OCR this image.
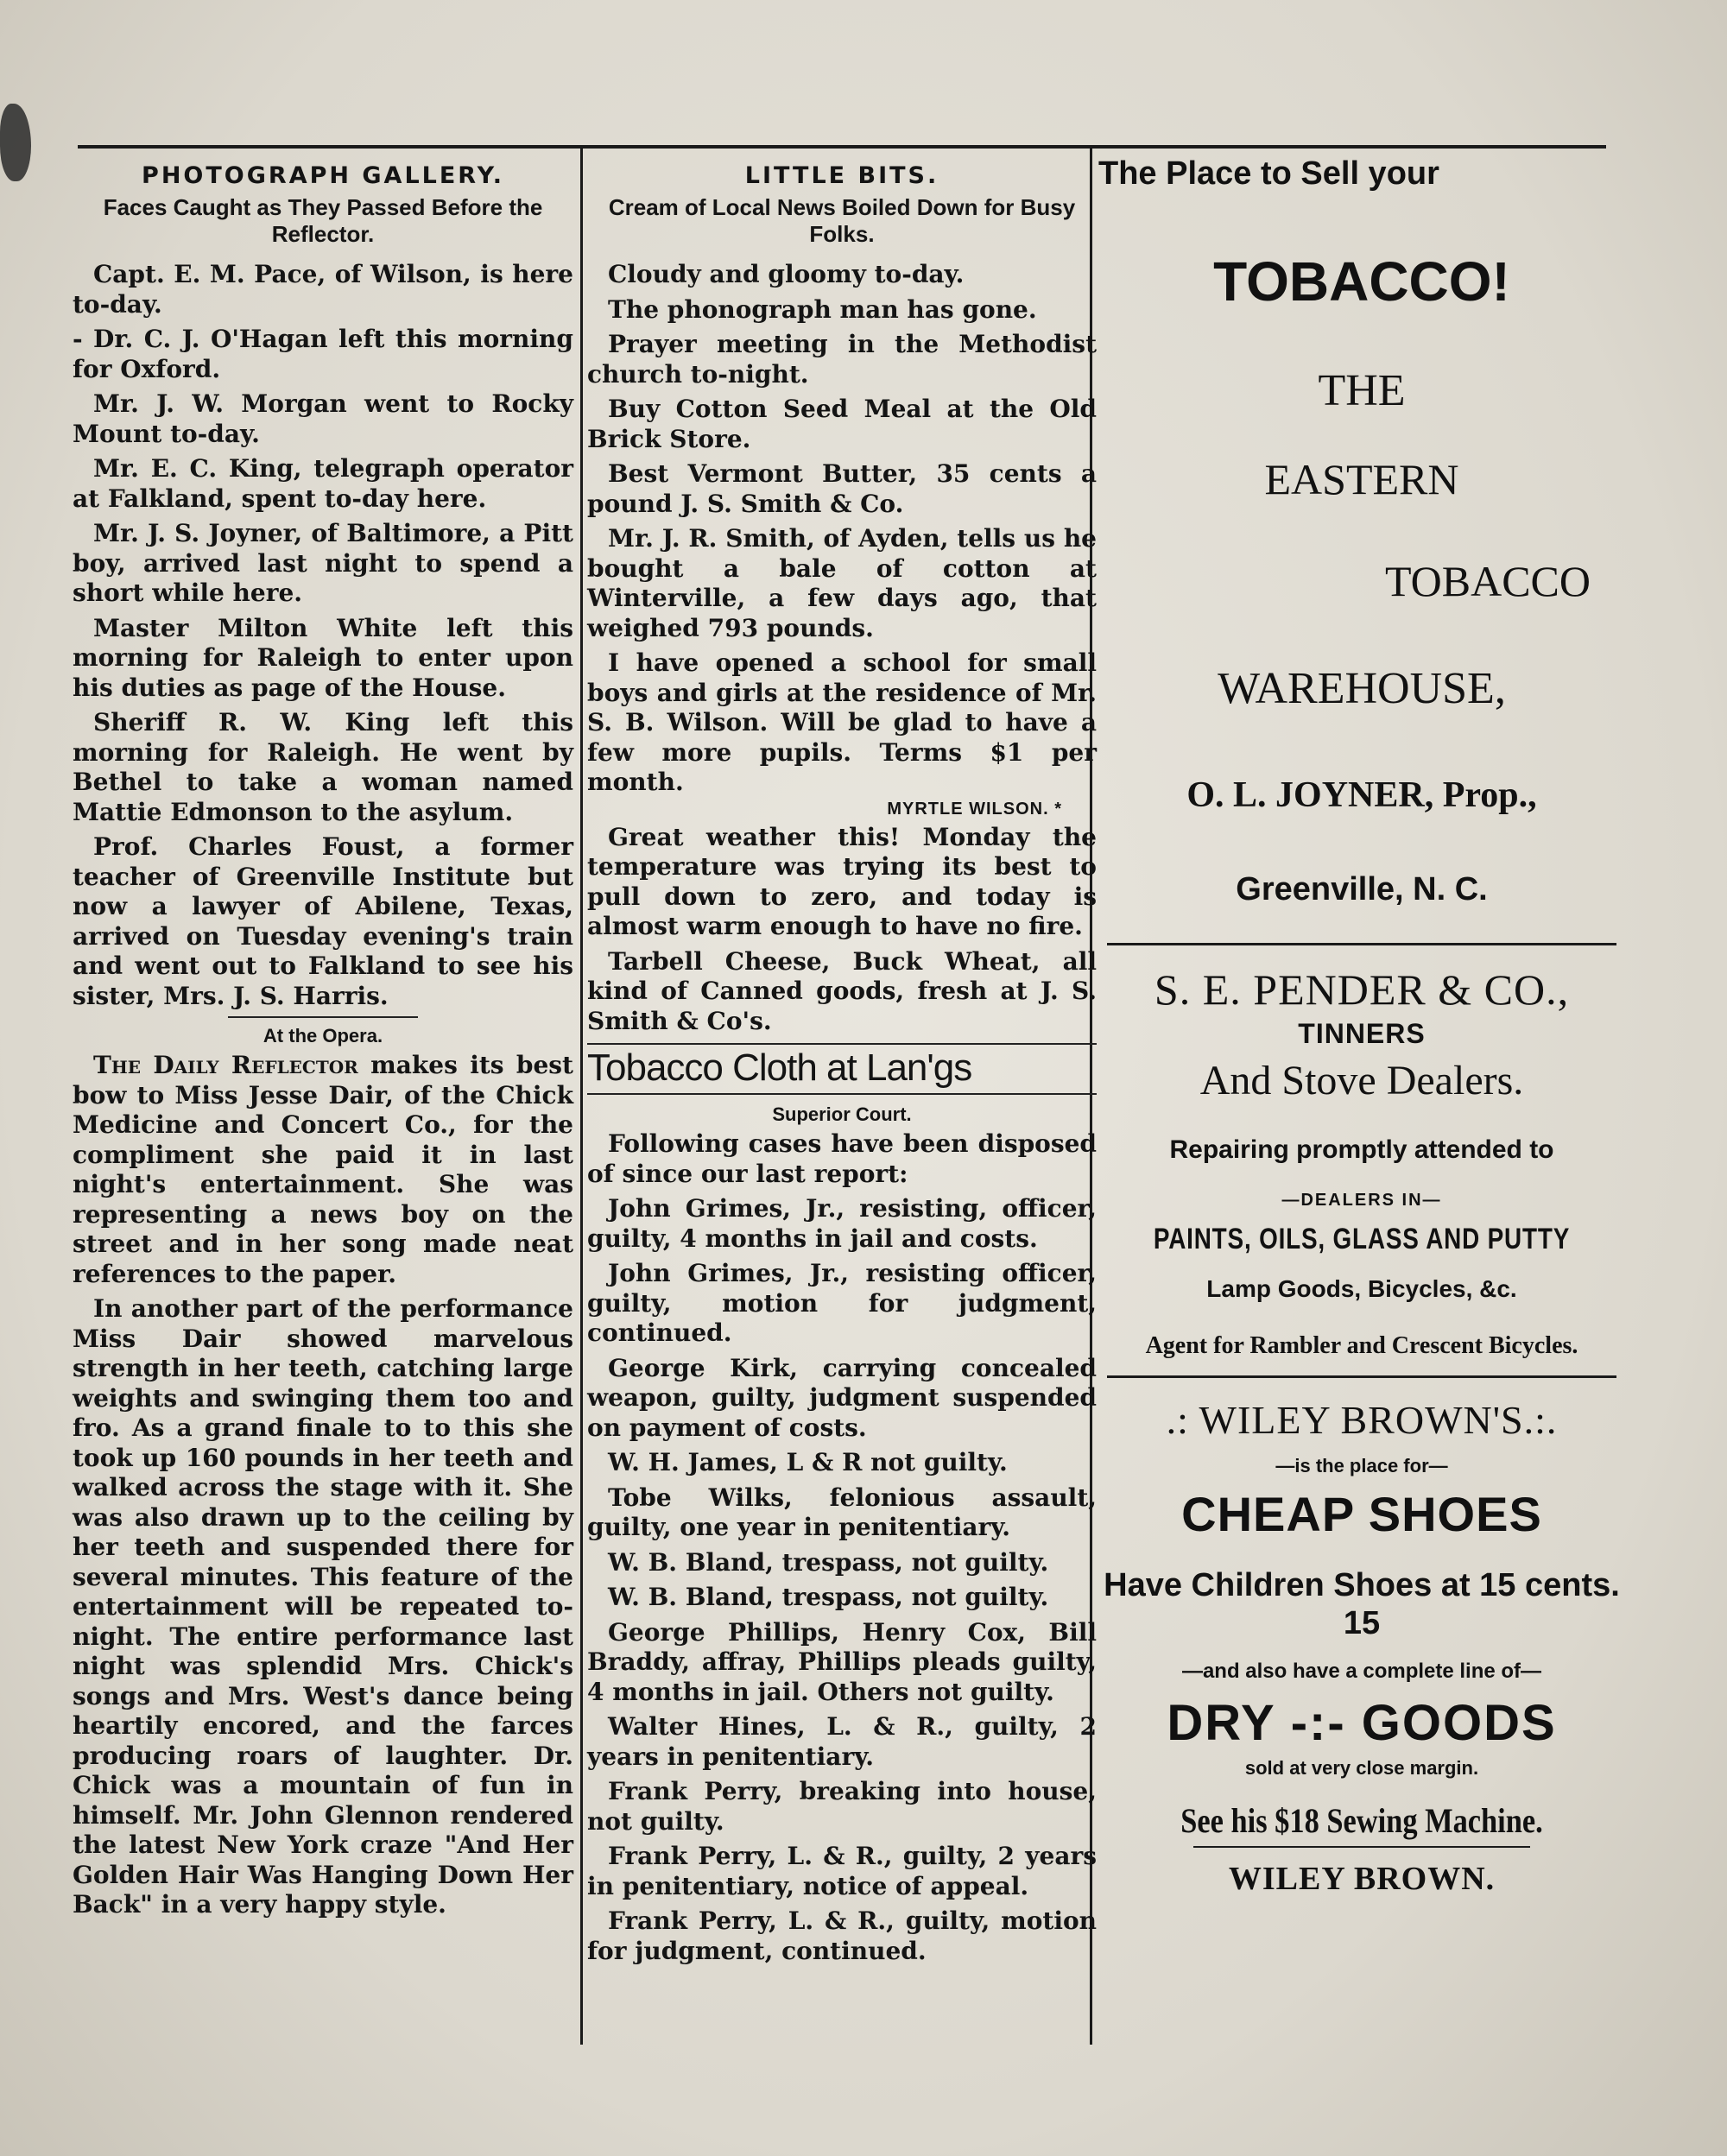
PHOTOGRAPH GALLERY.
Faces Caught as They Passed Before the Reflector.

Capt. E. M. Pace, of Wilson, is here to-day.

- Dr. C. J. O'Hagan left this morning for Oxford.

Mr. J. W. Morgan went to Rocky Mount to-day.

Mr. E. C. King, telegraph operator at Falkland, spent to-day here.

Mr. J. S. Joyner, of Baltimore, a Pitt boy, arrived last night to spend a short while here.

Master Milton White left this morning for Raleigh to enter upon his duties as page of the House.

Sheriff R. W. King left this morning for Raleigh. He went by Bethel to take a woman named Mattie Edmonson to the asylum.

Prof. Charles Foust, a former teacher of Greenville Institute but now a lawyer of Abilene, Texas, arrived on Tuesday evening's train and went out to Falkland to see his sister, Mrs. J. S. Harris.

At the Opera.

The Daily Reflector makes its best bow to Miss Jesse Dair, of the Chick Medicine and Concert Co., for the compliment she paid it in last night's entertainment. She was representing a news boy on the street and in her song made neat references to the paper.

In another part of the performance Miss Dair showed marvelous strength in her teeth, catching large weights and swinging them too and fro. As a grand finale to to this she took up 160 pounds in her teeth and walked across the stage with it. She was also drawn up to the ceiling by her teeth and suspended there for several minutes. This feature of the entertainment will be repeated to-night. The entire performance last night was splendid Mrs. Chick's songs and Mrs. West's dance being heartily encored, and the farces producing roars of laughter. Dr. Chick was a mountain of fun in himself. Mr. John Glennon rendered the latest New York craze "And Her Golden Hair Was Hanging Down Her Back" in a very happy style.

LITTLE BITS.
Cream of Local News Boiled Down for Busy Folks.

Cloudy and gloomy to-day.

The phonograph man has gone.

Prayer meeting in the Methodist church to-night.

Buy Cotton Seed Meal at the Old Brick Store.

Best Vermont Butter, 35 cents a pound J. S. Smith & Co.

Mr. J. R. Smith, of Ayden, tells us he bought a bale of cotton at Winterville, a few days ago, that weighed 793 pounds.

I have opened a school for small boys and girls at the residence of Mr. S. B. Wilson. Will be glad to have a few more pupils. Terms $1 per month.

MYRTLE WILSON. *

Great weather this! Monday the temperature was trying its best to pull down to zero, and today is almost warm enough to have no fire.

Tarbell Cheese, Buck Wheat, all kind of Canned goods, fresh at J. S. Smith & Co's.

Tobacco Cloth at Lan'gs
Superior Court.

Following cases have been disposed of since our last report:

John Grimes, Jr., resisting, officer, guilty, 4 months in jail and costs.

John Grimes, Jr., resisting officer, guilty, motion for judgment, continued.

George Kirk, carrying concealed weapon, guilty, judgment suspended on payment of costs.

W. H. James, L & R not guilty.

Tobe Wilks, felonious assault, guilty, one year in penitentiary.

W. B. Bland, trespass, not guilty.

W. B. Bland, trespass, not guilty.

George Phillips, Henry Cox, Bill Braddy, affray, Phillips pleads guilty, 4 months in jail. Others not guilty.

Walter Hines, L. & R., guilty, 2 years in penitentiary.

Frank Perry, breaking into house, not guilty.

Frank Perry, L. & R., guilty, 2 years in penitentiary, notice of appeal.

Frank Perry, L. & R., guilty, motion for judgment, continued.

The Place to Sell your
TOBACCO!
THE
EASTERN
TOBACCO
WAREHOUSE,
O. L. JOYNER, Prop.,
Greenville, N. C.
S. E. PENDER & CO.,
TINNERS
And Stove Dealers.
Repairing promptly attended to
—DEALERS IN—
PAINTS, OILS, GLASS AND PUTTY
Lamp Goods, Bicycles, &c.
Agent for Rambler and Crescent Bicycles.
.: WILEY BROWN'S.:.
—is the place for—
CHEAP SHOES
Have Children Shoes at 15 cents. 15
—and also have a complete line of—
DRY -:- GOODS
sold at very close margin.
See his $18 Sewing Machine.
WILEY BROWN.
